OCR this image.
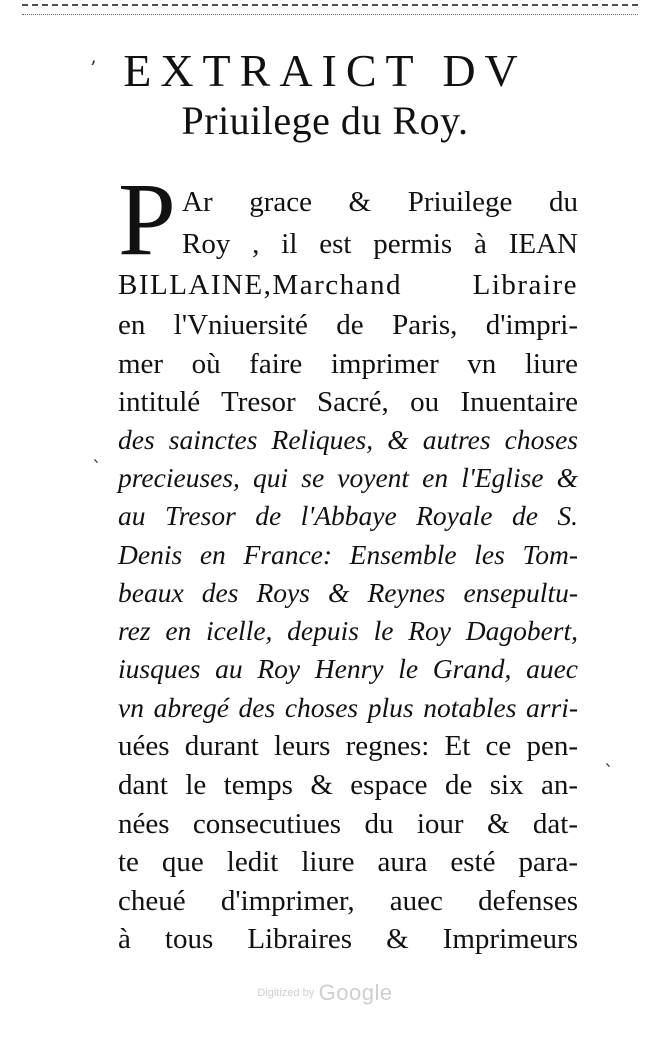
EXTRAICT DV
Priuilege du Roy.
P Ar grace & Priuilege du

Roy , il est permis à IEAN

BILLAINE,Marchand Libraire

en l'Vniuersité de Paris, d'impri-

mer où faire imprimer vn liure

intitulé Tresor Sacré, ou Inuentaire

des sainctes Reliques, & autres choses

precieuses, qui se voyent en l'Eglise &

au Tresor de l'Abbaye Royale de S.

Denis en France: Ensemble les Tom-

beaux des Roys & Reynes ensepultu-

rez en icelle, depuis le Roy Dagobert,

iusques au Roy Henry le Grand, auec

vn abregé des choses plus notables arri-

uées durant leurs regnes: Et ce pen-

dant le temps & espace de six an-

nées consecutiues du iour & dat-

te que ledit liure aura esté para-

cheué d'imprimer, auec defenses

à tous Libraires & Imprimeurs

’
ˋ
ˋ
Digitized by Google
